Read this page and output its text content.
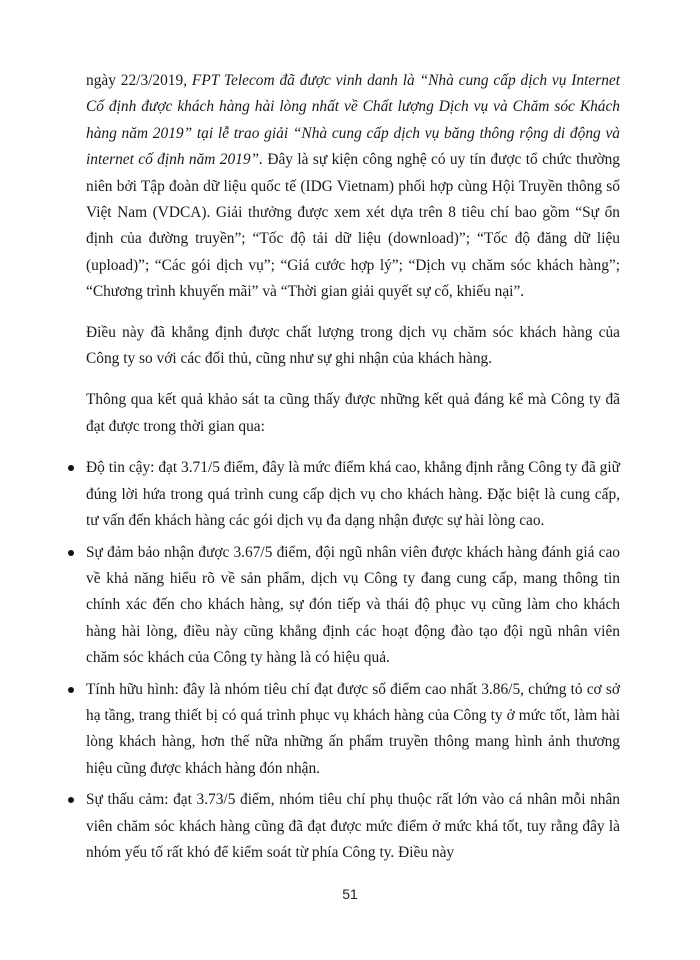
ngày 22/3/2019, FPT Telecom đã được vinh danh là “Nhà cung cấp dịch vụ Internet Cố định được khách hàng hài lòng nhất về Chất lượng Dịch vụ và Chăm sóc Khách hàng năm 2019” tại lễ trao giải “Nhà cung cấp dịch vụ băng thông rộng di động và internet cố định năm 2019”. Đây là sự kiện công nghệ có uy tín được tổ chức thường niên bởi Tập đoàn dữ liệu quốc tế (IDG Vietnam) phối hợp cùng Hội Truyền thông số Việt Nam (VDCA). Giải thưởng được xem xét dựa trên 8 tiêu chí bao gồm “Sự ổn định của đường truyền”; “Tốc độ tải dữ liệu (download)”; “Tốc độ đăng dữ liệu (upload)”; “Các gói dịch vụ”; “Giá cước hợp lý”; “Dịch vụ chăm sóc khách hàng”; “Chương trình khuyến mãi” và “Thời gian giải quyết sự cố, khiếu nại”.

Điều này đã khẳng định được chất lượng trong dịch vụ chăm sóc khách hàng của Công ty so với các đối thủ, cũng như sự ghi nhận của khách hàng.

Thông qua kết quả khảo sát ta cũng thấy được những kết quả đáng kể mà Công ty đã đạt được trong thời gian qua:

Độ tin cậy: đạt 3.71/5 điểm, đây là mức điểm khá cao, khẳng định rằng Công ty đã giữ đúng lời hứa trong quá trình cung cấp dịch vụ cho khách hàng. Đặc biệt là cung cấp, tư vấn đến khách hàng các gói dịch vụ đa dạng nhận được sự hài lòng cao.
Sự đảm bảo nhận được 3.67/5 điểm, đội ngũ nhân viên được khách hàng đánh giá cao về khả năng hiểu rõ về sản phẩm, dịch vụ Công ty đang cung cấp, mang thông tin chính xác đến cho khách hàng, sự đón tiếp và thái độ phục vụ cũng làm cho khách hàng hài lòng, điều này cũng khẳng định các hoạt động đào tạo đội ngũ nhân viên chăm sóc khách của Công ty hàng là có hiệu quả.
Tính hữu hình: đây là nhóm tiêu chí đạt được số điểm cao nhất 3.86/5, chứng tỏ cơ sở hạ tầng, trang thiết bị có quá trình phục vụ khách hàng của Công ty ở mức tốt, làm hài lòng khách hàng, hơn thế nữa những ấn phẩm truyền thông mang hình ảnh thương hiệu cũng được khách hàng đón nhận.
Sự thấu cảm: đạt 3.73/5 điểm, nhóm tiêu chí phụ thuộc rất lớn vào cá nhân mỗi nhân viên chăm sóc khách hàng cũng đã đạt được mức điểm ở mức khá tốt, tuy rằng đây là nhóm yếu tố rất khó để kiểm soát từ phía Công ty. Điều này
51
